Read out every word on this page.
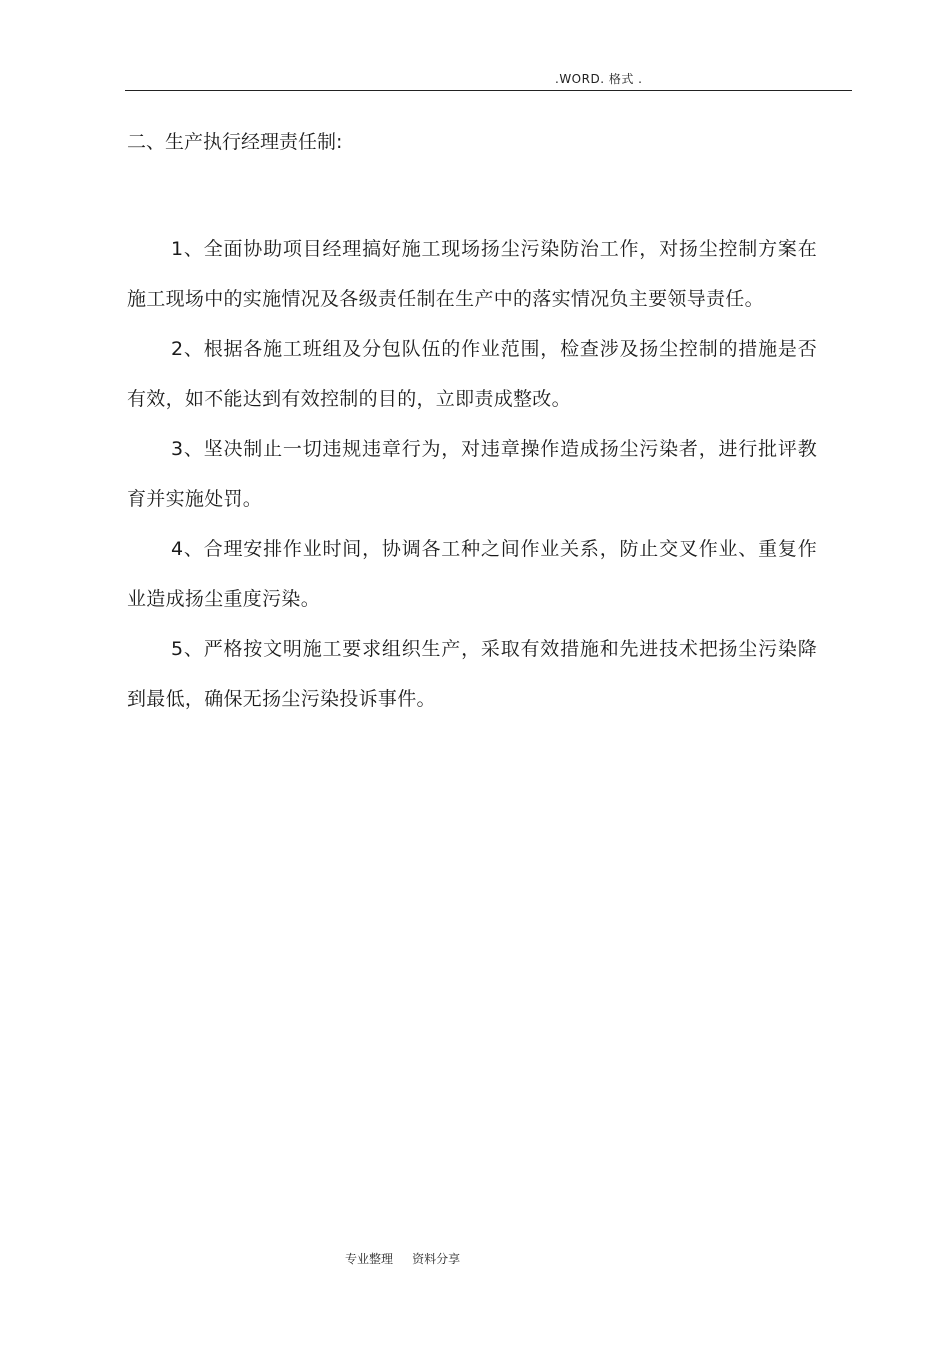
.WORD. 格式 .
二、生产执行经理责任制:

1、全面协助项目经理搞好施工现场扬尘污染防治工作，对扬尘控制方案在施工现场中的实施情况及各级责任制在生产中的落实情况负主要领导责任。

2、根据各施工班组及分包队伍的作业范围，检查涉及扬尘控制的措施是否有效，如不能达到有效控制的目的，立即责成整改。

3、坚决制止一切违规违章行为，对违章操作造成扬尘污染者，进行批评教育并实施处罚。

4、合理安排作业时间，协调各工种之间作业关系，防止交叉作业、重复作业造成扬尘重度污染。

5、严格按文明施工要求组织生产，采取有效措施和先进技术把扬尘污染降到最低，确保无扬尘污染投诉事件。

专业整理     资料分享
